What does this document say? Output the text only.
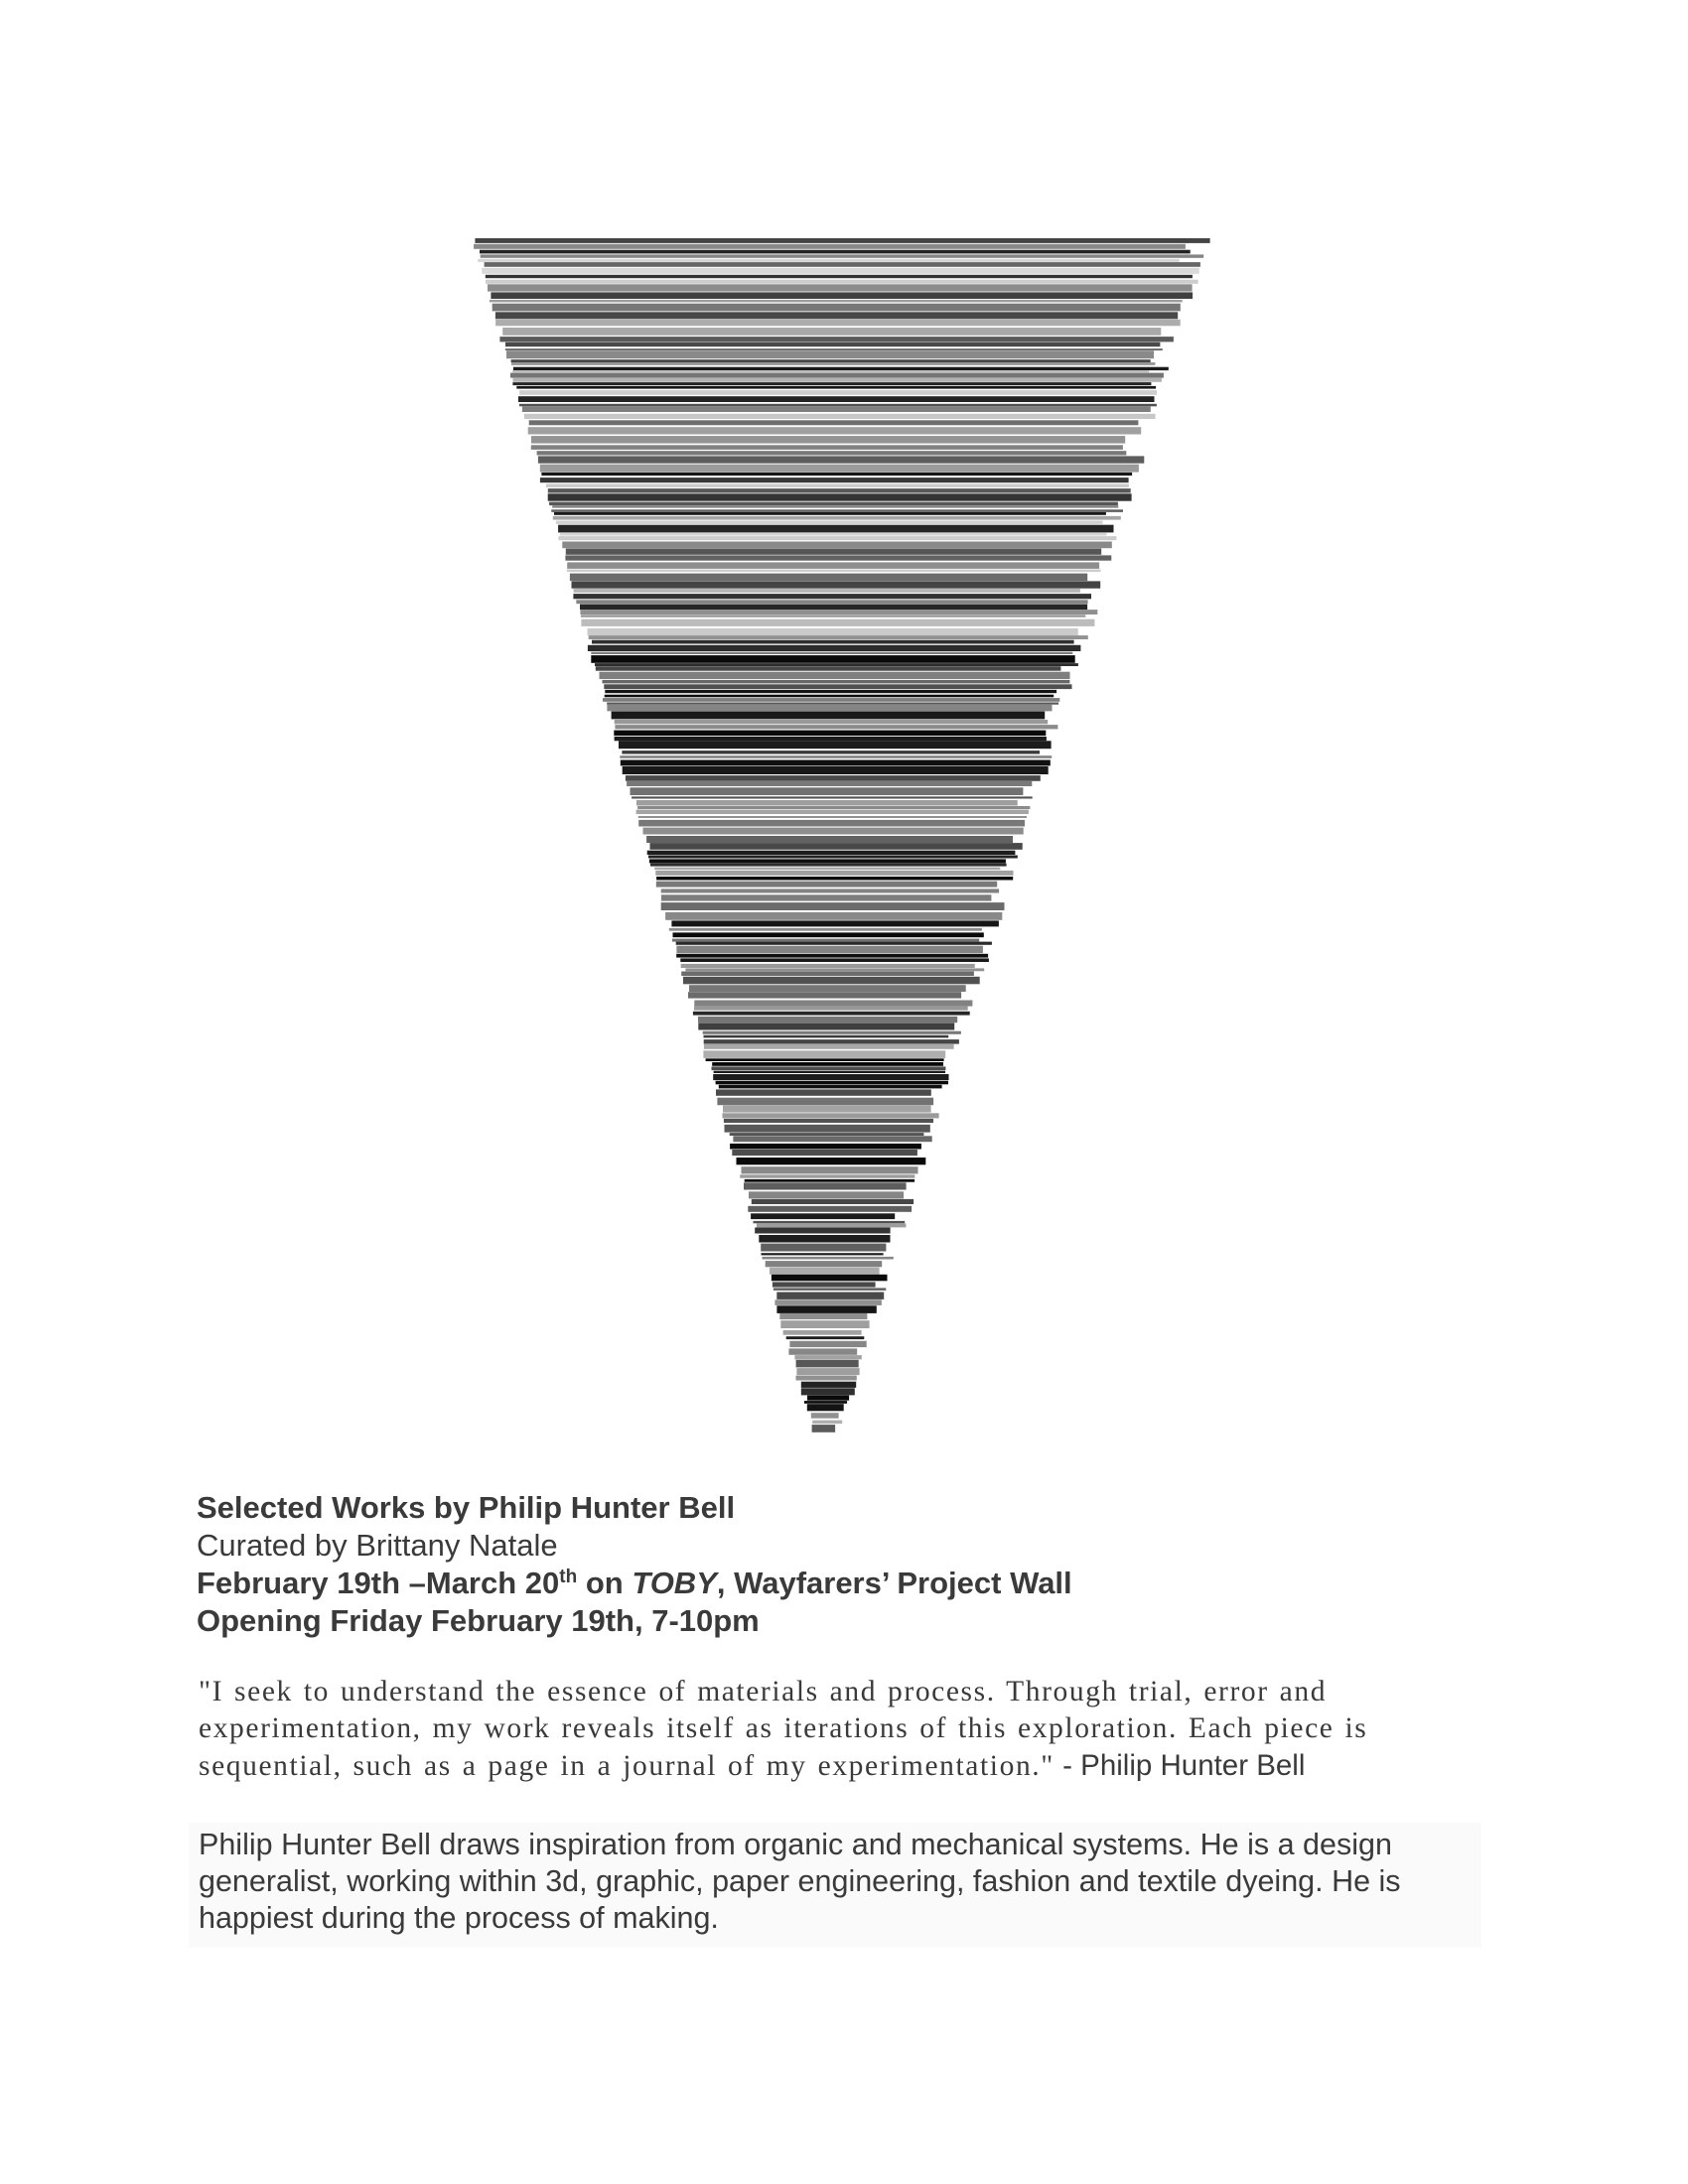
Selected Works by Philip Hunter Bell
Curated by Brittany Natale
February 19th –March 20th on TOBY, Wayfarers’ Project Wall
Opening Friday February 19th, 7-10pm
"I seek to understand the essence of materials and process. Through trial, error and experimentation, my work reveals itself as iterations of this exploration. Each piece is sequential, such as a page in a journal of my experimentation." - Philip Hunter Bell
Philip Hunter Bell draws inspiration from organic and mechanical systems. He is a design generalist, working within 3d, graphic, paper engineering, fashion and textile dyeing. He is happiest during the process of making.
